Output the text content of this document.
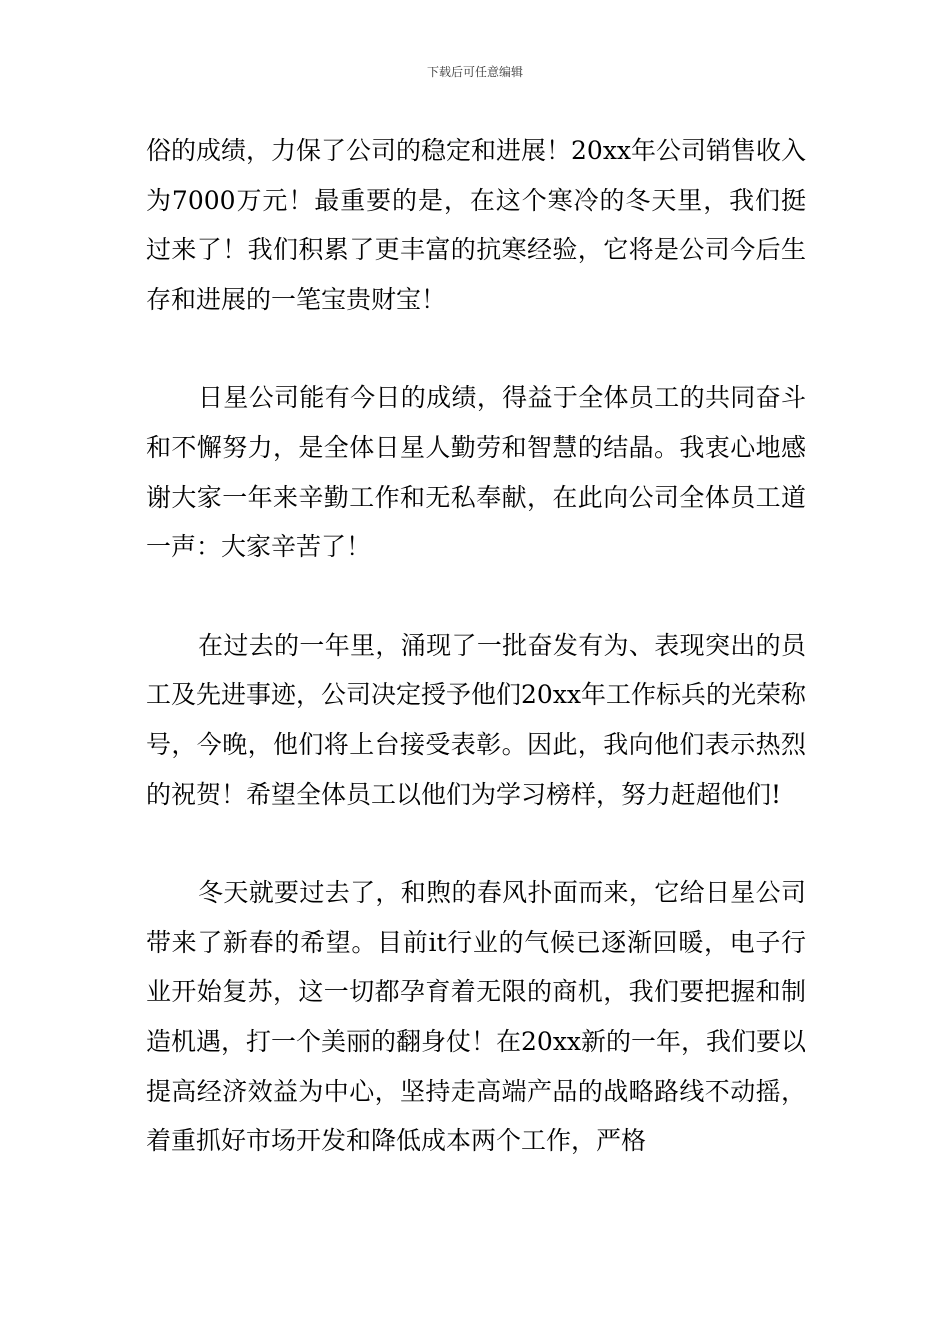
下载后可任意编辑

俗的成绩，力保了公司的稳定和进展！20xx年公司销售收入为7000万元！最重要的是，在这个寒冷的冬天里，我们挺过来了！我们积累了更丰富的抗寒经验，它将是公司今后生存和进展的一笔宝贵财宝！

日星公司能有今日的成绩，得益于全体员工的共同奋斗和不懈努力，是全体日星人勤劳和智慧的结晶。我衷心地感谢大家一年来辛勤工作和无私奉献，在此向公司全体员工道一声：大家辛苦了！

在过去的一年里，涌现了一批奋发有为、表现突出的员工及先进事迹，公司决定授予他们20xx年工作标兵的光荣称号，今晚，他们将上台接受表彰。因此，我向他们表示热烈的祝贺！希望全体员工以他们为学习榜样，努力赶超他们!

冬天就要过去了，和煦的春风扑面而来，它给日星公司带来了新春的希望。目前it行业的气候已逐渐回暖，电子行业开始复苏，这一切都孕育着无限的商机，我们要把握和制造机遇，打一个美丽的翻身仗！在20xx新的一年，我们要以提高经济效益为中心，坚持走高端产品的战略路线不动摇，着重抓好市场开发和降低成本两个工作，严格
